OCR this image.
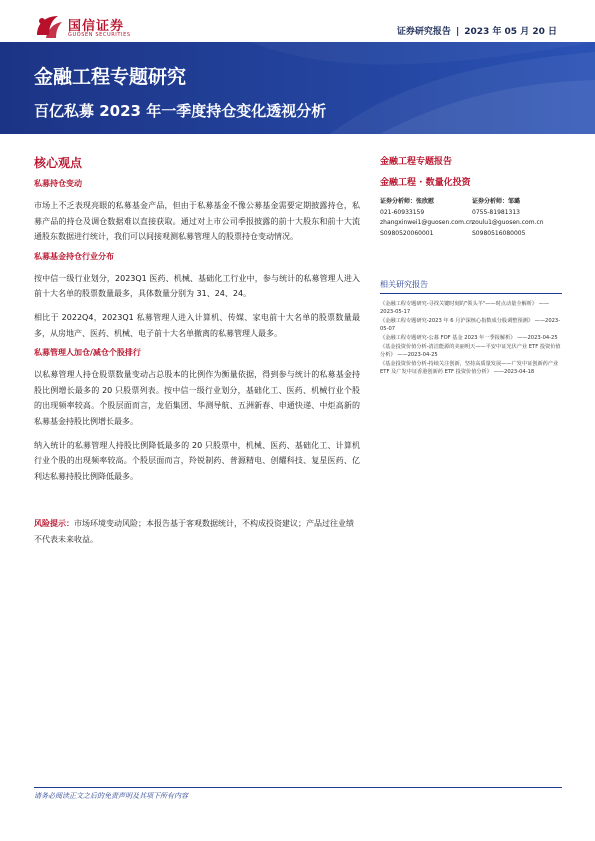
国信证券
GUOSEN SECURITIES	证券研究报告 | 2023 年 05 月 20 日
金融工程专题研究
百亿私募 2023 年一季度持仓变化透视分析
核心观点
私募持仓变动

市场上不乏表现亮眼的私募基金产品，但由于私募基金不像公募基金需要定期披露持仓，私募产品的持仓及调仓数据难以直接获取。通过对上市公司季报披露的前十大股东和前十大流通股东数据进行统计，我们可以间接观测私募管理人的股票持仓变动情况。

私募基金持仓行业分布

按中信一级行业划分，2023Q1 医药、机械、基础化工行业中，参与统计的私募管理人进入前十大名单的股票数量最多，具体数量分别为 31、24、24。

相比于 2022Q4，2023Q1 私募管理人进入计算机、传媒、家电前十大名单的股票数量最多，从房地产、医药、机械、电子前十大名单撤离的私募管理人最多。

私募管理人加仓/减仓个股排行

以私募管理人持仓股票数量变动占总股本的比例作为衡量依据，得到参与统计的私募基金持股比例增长最多的 20 只股票列表。按中信一级行业划分，基础化工、医药、机械行业个股的出现频率较高。个股层面而言，龙佰集团、华测导航、五洲新春、申通快递、中炬高新的私募基金持股比例增长最多。

纳入统计的私募管理人持股比例降低最多的 20 只股票中，机械、医药、基础化工、计算机行业个股的出现频率较高。个股层面而言，羚锐制药、普源精电、创耀科技、复星医药、亿利达私募持股比例降低最多。

风险提示：市场环境变动风险；本报告基于客观数据统计，不构成投资建议；产品过往业绩不代表未来收益。
金融工程专题报告
金融工程 · 数量化投资
证券分析师：张欣慰
021-60933159
zhangxinwei1@guosen.com.cn
S0980520060001
证券分析师：邹璐
0755-81981313
zoulu1@guosen.com.cn
S0980516080005
相关研究报告
《金融工程专题研究-寻找关键时刻的"领头羊"——时点动量全解析》 ——2023-05-17
《金融工程专题研究-2023 年 6 月沪深核心指数成分股调整预测》 ——2023-05-07
《金融工程专题研究-公募 FOF 基金 2023 年一季报解析》 ——2023-04-25
《基金投资价值分析-清洁能源的美丽明天——平安中证光伏产业 ETF 投资价值分析》 ——2023-04-25
《基金投资价值分析-持续关注创新，坚持高质量发展——广发中证创新药产业 ETF 及广发中证香港创新药 ETF 投资价值分析》 ——2023-04-18
请务必阅读正文之后的免责声明及其项下所有内容
